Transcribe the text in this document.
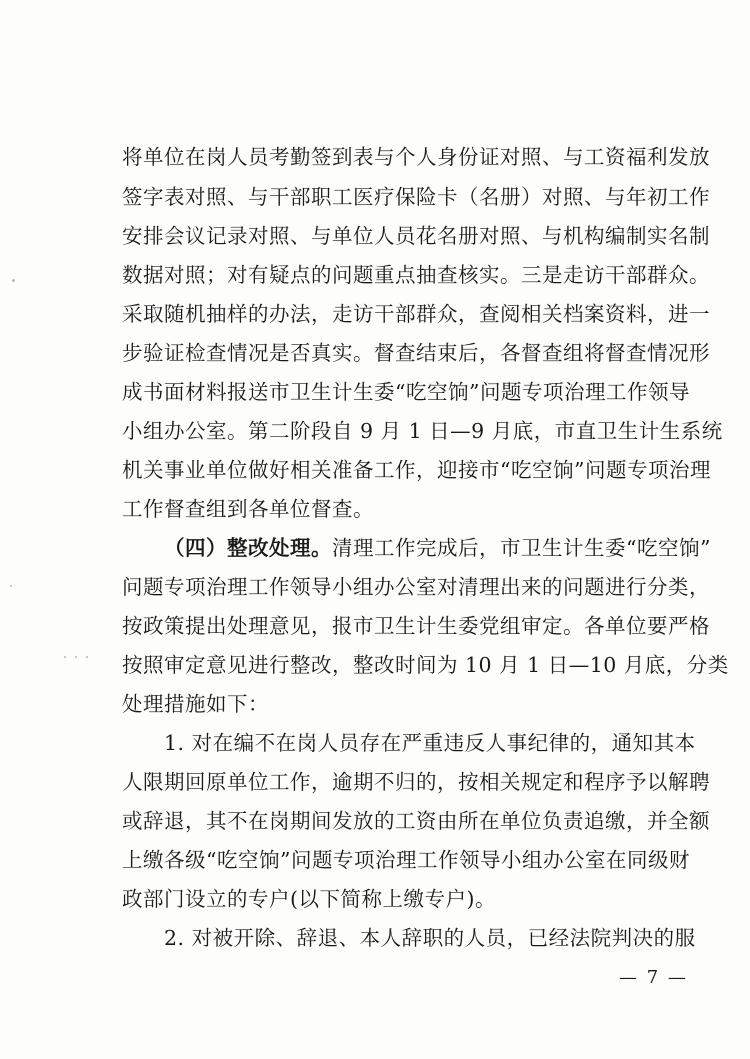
将单位在岗人员考勤签到表与个人身份证对照、与工资福利发放
签字表对照、与干部职工医疗保险卡（名册）对照、与年初工作
安排会议记录对照、与单位人员花名册对照、与机构编制实名制
数据对照；对有疑点的问题重点抽查核实。三是走访干部群众。
采取随机抽样的办法，走访干部群众，查阅相关档案资料，进一
步验证检查情况是否真实。督查结束后，各督查组将督查情况形
成书面材料报送市卫生计生委“吃空饷”问题专项治理工作领导
小组办公室。第二阶段自 9 月 1 日—9 月底，市直卫生计生系统
机关事业单位做好相关准备工作，迎接市“吃空饷”问题专项治理
工作督查组到各单位督查。
（四）整改处理。清理工作完成后，市卫生计生委“吃空饷”
问题专项治理工作领导小组办公室对清理出来的问题进行分类，
按政策提出处理意见，报市卫生计生委党组审定。各单位要严格
按照审定意见进行整改，整改时间为 10 月 1 日—10 月底，分类
处理措施如下：
1. 对在编不在岗人员存在严重违反人事纪律的，通知其本
人限期回原单位工作，逾期不归的，按相关规定和程序予以解聘
或辞退，其不在岗期间发放的工资由所在单位负责追缴，并全额
上缴各级“吃空饷”问题专项治理工作领导小组办公室在同级财
政部门设立的专户(以下简称上缴专户)。
2. 对被开除、辞退、本人辞职的人员，已经法院判决的服
— 7 —
